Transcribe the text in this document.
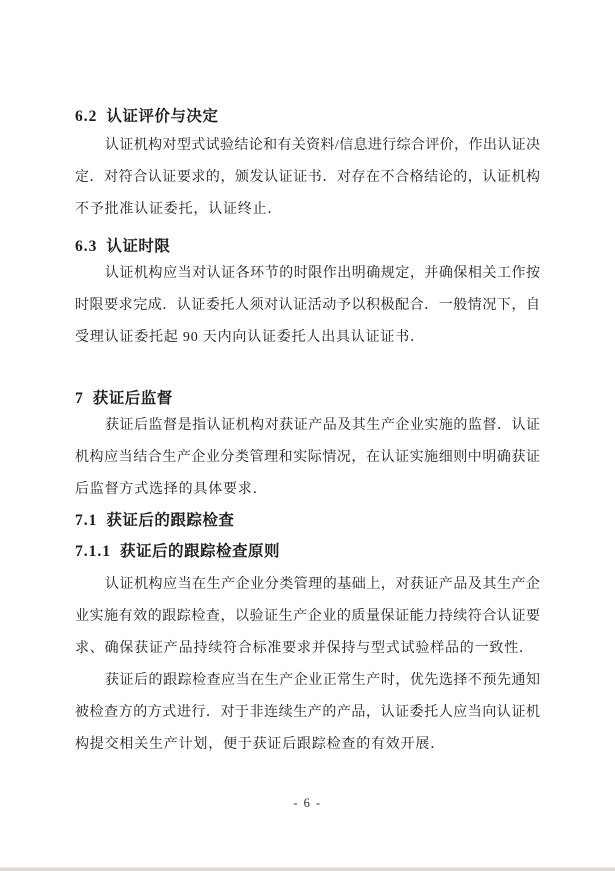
6.2 认证评价与决定
认证机构对型式试验结论和有关资料/信息进行综合评价，作出认证决
定．对符合认证要求的，颁发认证证书．对存在不合格结论的，认证机构
不予批准认证委托，认证终止．
6.3 认证时限
认证机构应当对认证各环节的时限作出明确规定，并确保相关工作按
时限要求完成．认证委托人须对认证活动予以积极配合．一般情况下，自
受理认证委托起 90 天内向认证委托人出具认证证书．
7 获证后监督
获证后监督是指认证机构对获证产品及其生产企业实施的监督．认证
机构应当结合生产企业分类管理和实际情况，在认证实施细则中明确获证
后监督方式选择的具体要求．
7.1 获证后的跟踪检查
7.1.1 获证后的跟踪检查原则
认证机构应当在生产企业分类管理的基础上，对获证产品及其生产企
业实施有效的跟踪检查，以验证生产企业的质量保证能力持续符合认证要
求、确保获证产品持续符合标准要求并保持与型式试验样品的一致性．
获证后的跟踪检查应当在生产企业正常生产时，优先选择不预先通知
被检查方的方式进行．对于非连续生产的产品，认证委托人应当向认证机
构提交相关生产计划，便于获证后跟踪检查的有效开展．
- 6 -
